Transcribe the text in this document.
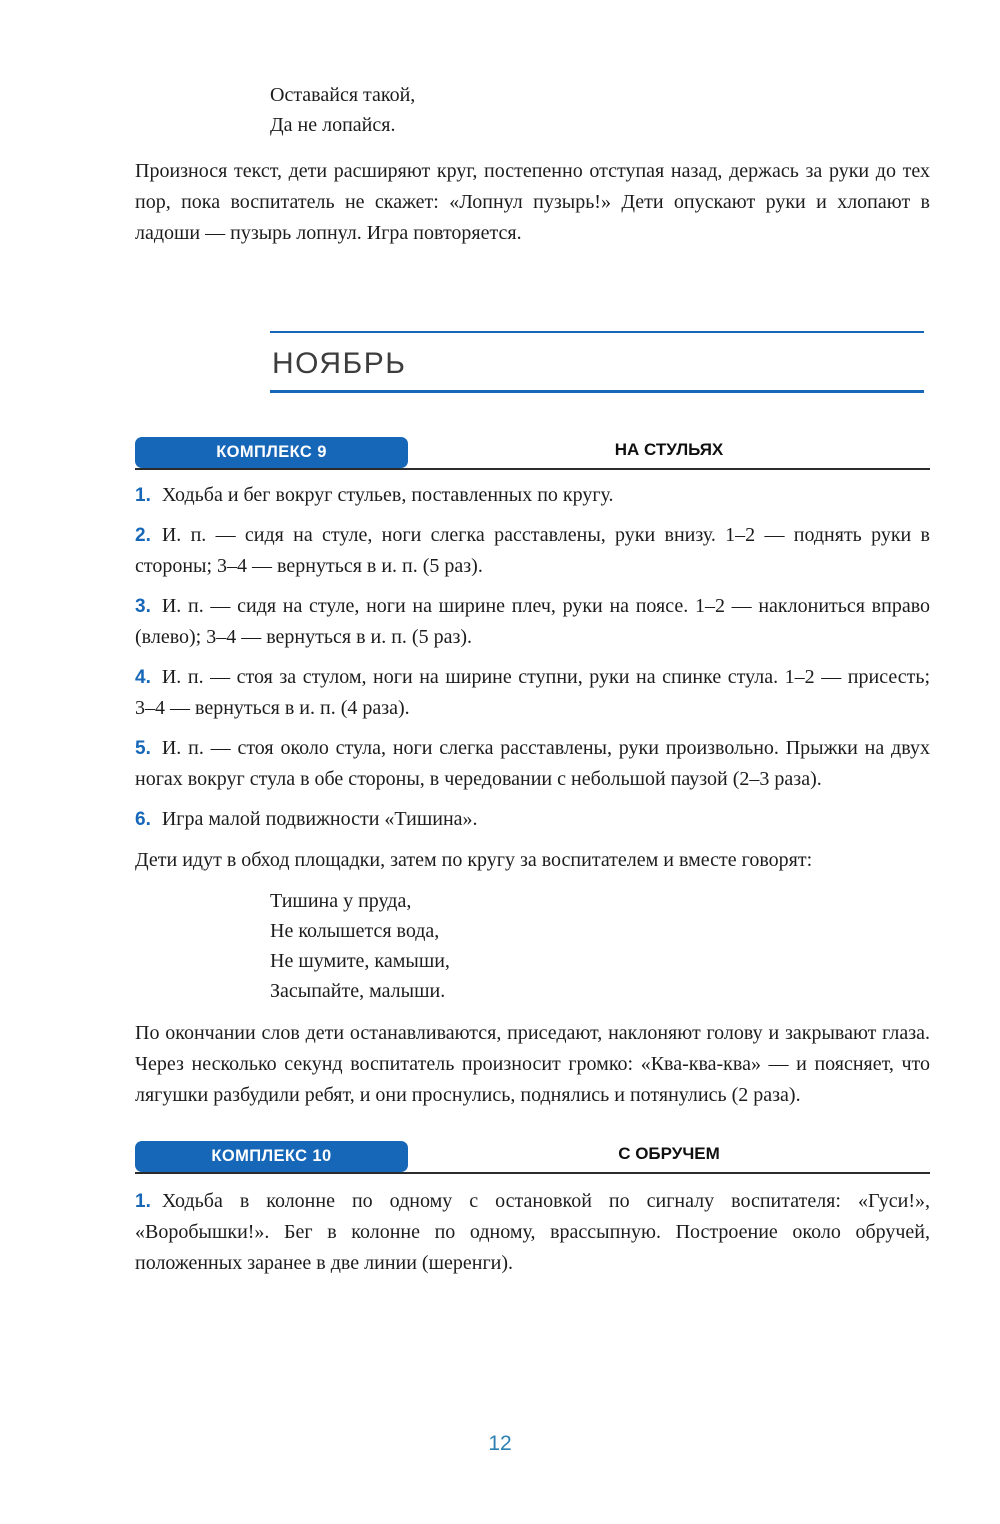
Оставайся такой,
Да не лопайся.

Произнося текст, дети расширяют круг, постепенно отступая назад, держась за руки до тех пор, пока воспитатель не скажет: «Лопнул пузырь!» Дети опускают руки и хлопают в ладоши — пузырь лопнул. Игра повторяется.

НОЯБРЬ
КОМПЛЕКС 9	НА СТУЛЬЯХ

1. Ходьба и бег вокруг стульев, поставленных по кругу.

2. И. п. — сидя на стуле, ноги слегка расставлены, руки внизу. 1–2 — поднять руки в стороны; 3–4 — вернуться в и. п. (5 раз).

3. И. п. — сидя на стуле, ноги на ширине плеч, руки на поясе. 1–2 — наклониться вправо (влево); 3–4 — вернуться в и. п. (5 раз).

4. И. п. — стоя за стулом, ноги на ширине ступни, руки на спинке стула. 1–2 — присесть; 3–4 — вернуться в и. п. (4 раза).

5. И. п. — стоя около стула, ноги слегка расставлены, руки произвольно. Прыжки на двух ногах вокруг стула в обе стороны, в чередовании с небольшой паузой (2–3 раза).

6. Игра малой подвижности «Тишина».

Дети идут в обход площадки, затем по кругу за воспитателем и вместе говорят:

Тишина у пруда,
Не колышется вода,
Не шумите, камыши,
Засыпайте, малыши.

По окончании слов дети останавливаются, приседают, наклоняют голову и закрывают глаза. Через несколько секунд воспитатель произносит громко: «Ква-ква-ква» — и поясняет, что лягушки разбудили ребят, и они проснулись, поднялись и потянулись (2 раза).

КОМПЛЕКС 10	С ОБРУЧЕМ

1. Ходьба в колонне по одному с остановкой по сигналу воспитателя: «Гуси!», «Воробышки!». Бег в колонне по одному, врассыпную. Построение около обручей, положенных заранее в две линии (шеренги).

12
